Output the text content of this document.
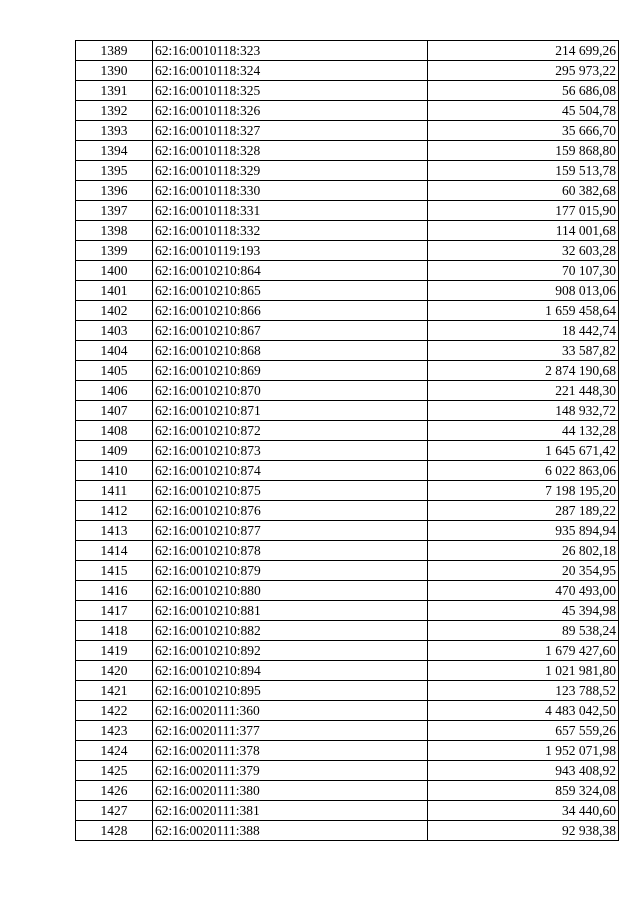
1389	62:16:0010118:323	214 699,26
1390	62:16:0010118:324	295 973,22
1391	62:16:0010118:325	56 686,08
1392	62:16:0010118:326	45 504,78
1393	62:16:0010118:327	35 666,70
1394	62:16:0010118:328	159 868,80
1395	62:16:0010118:329	159 513,78
1396	62:16:0010118:330	60 382,68
1397	62:16:0010118:331	177 015,90
1398	62:16:0010118:332	114 001,68
1399	62:16:0010119:193	32 603,28
1400	62:16:0010210:864	70 107,30
1401	62:16:0010210:865	908 013,06
1402	62:16:0010210:866	1 659 458,64
1403	62:16:0010210:867	18 442,74
1404	62:16:0010210:868	33 587,82
1405	62:16:0010210:869	2 874 190,68
1406	62:16:0010210:870	221 448,30
1407	62:16:0010210:871	148 932,72
1408	62:16:0010210:872	44 132,28
1409	62:16:0010210:873	1 645 671,42
1410	62:16:0010210:874	6 022 863,06
1411	62:16:0010210:875	7 198 195,20
1412	62:16:0010210:876	287 189,22
1413	62:16:0010210:877	935 894,94
1414	62:16:0010210:878	26 802,18
1415	62:16:0010210:879	20 354,95
1416	62:16:0010210:880	470 493,00
1417	62:16:0010210:881	45 394,98
1418	62:16:0010210:882	89 538,24
1419	62:16:0010210:892	1 679 427,60
1420	62:16:0010210:894	1 021 981,80
1421	62:16:0010210:895	123 788,52
1422	62:16:0020111:360	4 483 042,50
1423	62:16:0020111:377	657 559,26
1424	62:16:0020111:378	1 952 071,98
1425	62:16:0020111:379	943 408,92
1426	62:16:0020111:380	859 324,08
1427	62:16:0020111:381	34 440,60
1428	62:16:0020111:388	92 938,38
